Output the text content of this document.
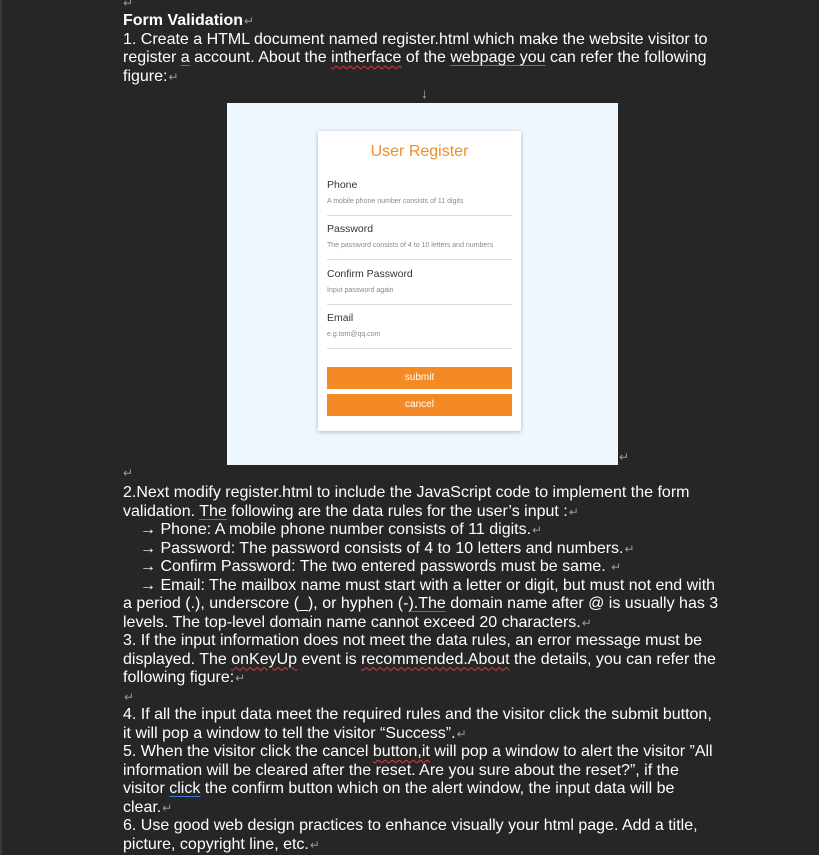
↵

Form Validation↵

1. Create a HTML document named register.html which make the website visitor to register a account. About the intherface of the webpage you can refer the following figure:↵

↓
User Register
Phone
A mobile phone number consists of 11 digits
Password
The password consists of 4 to 10 letters and numbers
Confirm Password
Input password again
Email
e.g.tom@qq.com
submit
cancel
↵
↵

2.Next modify register.html to include the JavaScript code to implement the form validation. The following are the data rules for the user’s input :↵

→ Phone: A mobile phone number consists of 11 digits.↵

→ Password: The password consists of 4 to 10 letters and numbers.↵

→ Confirm Password: The two entered passwords must be same. ↵

→ Email: The mailbox name must start with a letter or digit, but must not end with a period (.), underscore (_), or hyphen (-).The domain name after @ is usually has 3 levels. The top-level domain name cannot exceed 20 characters.↵

3. If the input information does not meet the data rules, an error message must be displayed. The onKeyUp event is recommended.About the details, you can refer the following figure:↵

↵

4. If all the input data meet the required rules and the visitor click the submit button, it will pop a window to tell the visitor “Success”.↵

5. When the visitor click the cancel button,it will pop a window to alert the visitor ”All information will be cleared after the reset. Are you sure about the reset?”, if the visitor click the confirm button which on the alert window, the input data will be clear.↵

6. Use good web design practices to enhance visually your html page. Add a title, picture, copyright line, etc.↵
